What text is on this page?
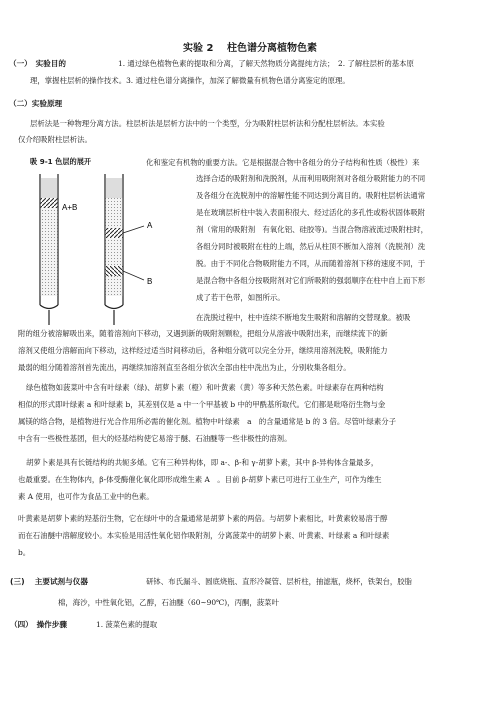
实验 2　 柱色谱分离植物色素
（一）　实验目的	1. 通过绿色植物色素的提取和分离，了解天然物质分离提纯方法；　2. 了解柱层析的基本原
理，掌握柱层析的操作技术。3. 通过柱色谱分离操作，加深了解微量有机物色谱分离鉴定的原理。
（二）实验原理
层析法是一种物理分离方法。柱层析法是层析方法中的一个类型，分为吸附柱层析法和分配柱层析法。本实验
仅介绍吸附柱层析法。
吸 9-1 色层的展开	化和鉴定有机物的重要方法。它是根据混合物中各组分的分子结构和性质（极性）来
选择合适的吸附剂和洗脱剂，从而利用吸附剂对各组分吸附能力的不同
及各组分在洗脱剂中的溶解性能不同达到分离目的。吸附柱层析法通常
是在玻璃层析柱中装入表面积很大、经过活化的多孔性或粉状固体吸附
剂（常用的吸附剂　有氧化铝、硅胶等)。当混合物溶液流过吸附柱时，
各组分同时被吸附在柱的上端，然后从柱顶不断加入溶剂（洗脱剂）洗
脱。由于不同化合物吸附能力不同，从而随着溶剂下移的速度不同，于
是混合物中各组分按吸附剂对它们所吸附的强弱顺序在柱中自上而下形
成了若干色带，如图所示。
A+B
A
B
在洗脱过程中，柱中连续不断地发生吸附和溶解的交替现象。被吸
附的组分被溶解吸出来，随着溶剂向下移动，又遇到新的吸附剂颗粒，把组分从溶液中吸附出来，而继续流下的新
溶剂又使组分溶解而向下移动，这样经过适当时间移动后，各种组分就可以完全分开，继续用溶剂洗脱，吸附能力
最弱的组分随着溶剂首先流出，再继续加溶剂直至各组分依次全部由柱中洗出为止，分别收集各组分。
绿色植物如菠菜叶中含有叶绿素（绿)、胡萝卜素（橙）和叶黄素（黄）等多种天然色素。叶绿素存在两种结构
相似的形式即叶绿素 a 和叶绿素 b，其差别仅是 a 中一个甲基被 b 中的甲酰基所取代。它们都是吡咯衍生物与金
属镁的络合物，是植物进行光合作用所必需的催化剂。植物中叶绿素　a　的含量通常是 b 的 3 倍。尽管叶绿素分子
中含有一些极性基团，但大的烃基结构使它易溶于醚、石油醚等一些非极性的溶剂。
胡萝卜素是具有长链结构的共轭多烯。它有三种异构体，即 a-、β-和 γ-胡萝卜素，其中 β-异构体含量最多，
也最重要。在生物体内，β-体受酶催化氧化即形成维生素 A　。目前 β-胡萝卜素已可进行工业生产，可作为维生
素 A 使用，也可作为食品工业中的色素。
叶黄素是胡萝卜素的羟基衍生物，它在绿叶中的含量通常是胡萝卜素的两倍。与胡萝卜素相比，叶黄素较易溶于醇
而在石油醚中溶解度较小。本实验是用活性氧化铝作吸附剂，分离菠菜中的胡萝卜素、叶黄素、叶绿素 a 和叶绿素
b。
(三)　 主要试剂与仪器	研钵、布氏漏斗、圆底烧瓶、直形冷凝管、层析柱，抽滤瓶，烧杯，铁架台，胶脂
棉，海沙，中性氧化铝，乙醇，石油醚（60~90℃)，丙酮，菠菜叶
（四）　操作步骤	1. 菠菜色素的提取
